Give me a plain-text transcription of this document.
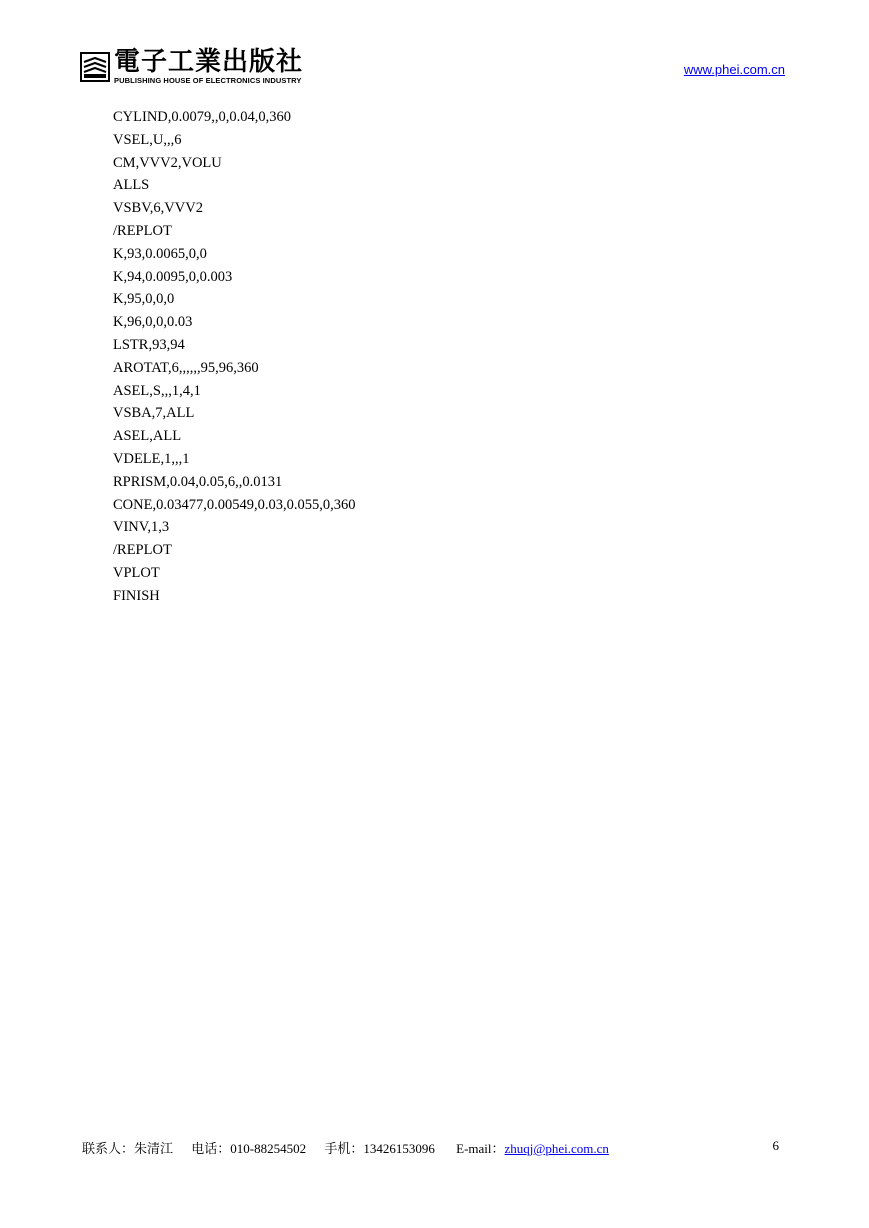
電子工業出版社
PUBLISHING HOUSE OF ELECTRONICS INDUSTRY
www.phei.com.cn
CYLIND,0.0079,,0,0.04,0,360
VSEL,U,,,6
CM,VVV2,VOLU
ALLS
VSBV,6,VVV2
/REPLOT
K,93,0.0065,0,0
K,94,0.0095,0,0.003
K,95,0,0,0
K,96,0,0,0.03
LSTR,93,94
AROTAT,6,,,,,,95,96,360
ASEL,S,,,1,4,1
VSBA,7,ALL
ASEL,ALL
VDELE,1,,,1
RPRISM,0.04,0.05,6,,0.0131
CONE,0.03477,0.00549,0.03,0.055,0,360
VINV,1,3
/REPLOT
VPLOT
FINISH
联系人：朱清江 电话：010-88254502 手机：13426153096 E-mail：zhuqj@phei.com.cn	6
